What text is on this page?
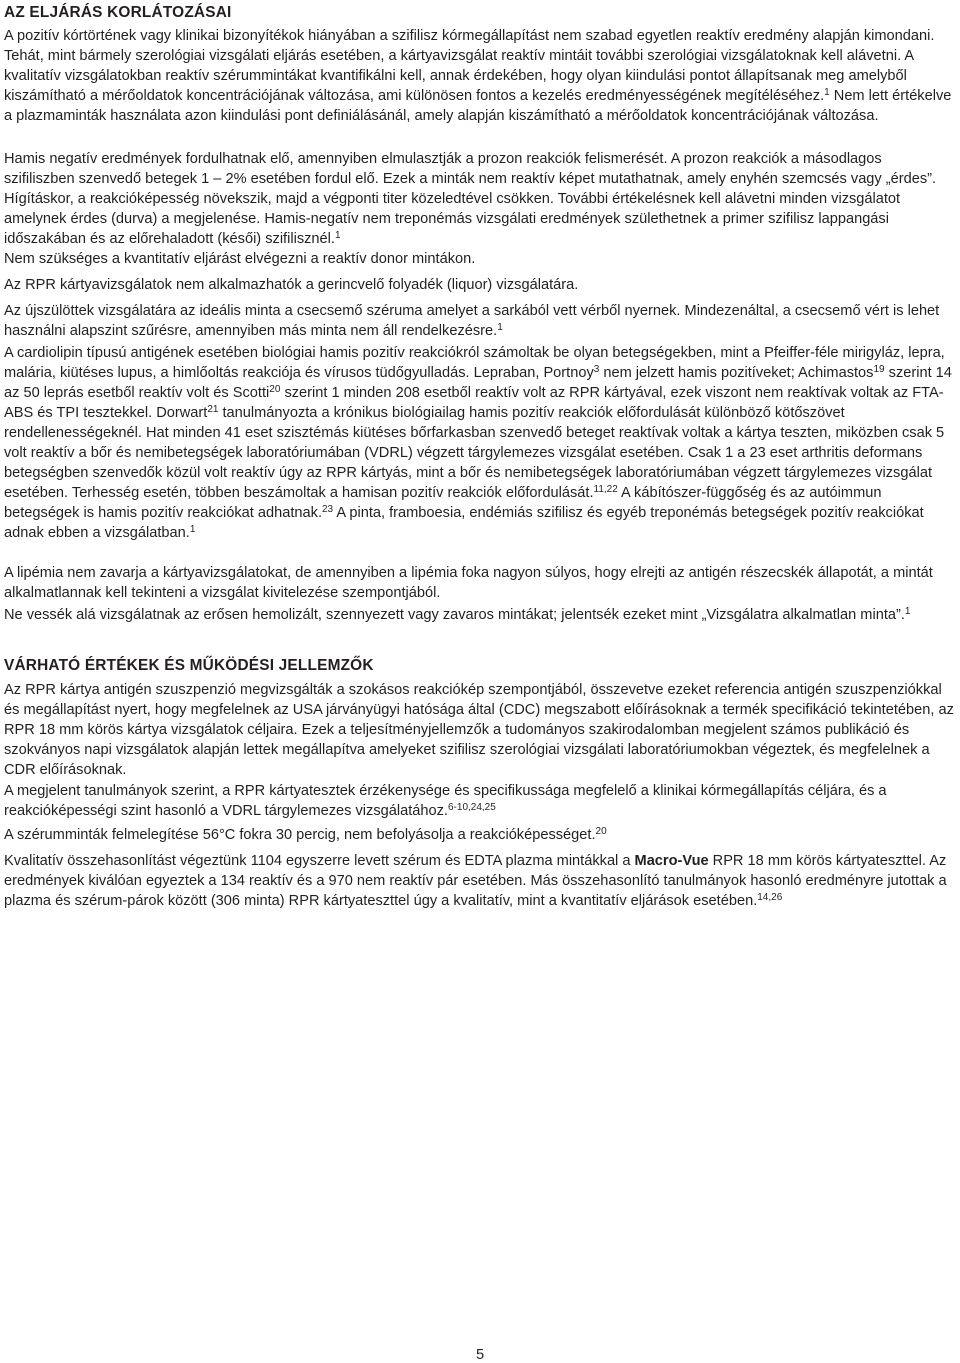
AZ ELJÁRÁS KORLÁTOZÁSAI

A pozitív kórtörtének vagy klinikai bizonyítékok hiányában a szifilisz kórmegállapítást nem szabad egyetlen reaktív eredmény alapján kimondani. Tehát, mint bármely szerológiai vizsgálati eljárás esetében, a kártyavizsgálat reaktív mintáit további szerológiai vizsgálatoknak kell alávetni. A kvalitatív vizsgálatokban reaktív szérummintákat kvantifikálni kell, annak érdekében, hogy olyan kiindulási pontot állapítsanak meg amelyből kiszámítható a mérőoldatok koncentrációjának változása, ami különösen fontos a kezelés eredményességének megítéléséhez.$^1$ Nem lett értékelve a plazmaminták használata azon kiindulási pont definiálásánál, amely alapján kiszámítható a mérőoldatok koncentrációjának változása.

Hamis negatív eredmények fordulhatnak elő, amennyiben elmulasztják a prozon reakciók felismerését. A prozon reakciók a másodlagos szifiliszben szenvedő betegek 1 – 2% esetében fordul elő. Ezek a minták nem reaktív képet mutathatnak, amely enyhén szemcsés vagy „érdes”. Hígításkor, a reakcióképesség növekszik, majd a végponti titer közeledtével csökken. További értékelésnek kell alávetni minden vizsgálatot amelynek érdes (durva) a megjelenése. Hamis-negatív nem treponémás vizsgálati eredmények születhetnek a primer szifilisz lappangási időszakában és az előrehaladott (késői) szifilisznél.$^1$

Nem szükséges a kvantitatív eljárást elvégezni a reaktív donor mintákon.

Az RPR kártyavizsgálatok nem alkalmazhatók a gerincvelő folyadék (liquor) vizsgálatára.

Az újszülöttek vizsgálatára az ideális minta a csecsemő széruma amelyet a sarkából vett vérből nyernek. Mindezenáltal, a csecsemő vért is lehet használni alapszint szűrésre, amennyiben más minta nem áll rendelkezésre.$^1$

A cardiolipin típusú antigének esetében biológiai hamis pozitív reakciókról számoltak be olyan betegségekben, mint a Pfeiffer-féle mirigyláz, lepra, malária, kiütéses lupus, a himlőoltás reakciója és vírusos tüdőgyulladás. Lepraban, Portnoy$^3$ nem jelzett hamis pozitíveket; Achimastos$^{19}$ szerint 14 az 50 leprás esetből reaktív volt és Scotti$^{20}$ szerint 1 minden 208 esetből reaktív volt az RPR kártyával, ezek viszont nem reaktívak voltak az FTA-ABS és TPI tesztekkel. Dorwart$^{21}$ tanulmányozta a krónikus biológiailag hamis pozitív reakciók előfordulását különböző kötőszövet rendellenességeknél. Hat minden 41 eset szisztémás kiütéses bőrfarkasban szenvedő beteget reaktívak voltak a kártya teszten, miközben csak 5 volt reaktív a bőr és nemibetegségek laboratóriumában (VDRL) végzett tárgylemezes vizsgálat esetében. Csak 1 a 23 eset arthritis deformans betegségben szenvedők közül volt reaktív úgy az RPR kártyás, mint a bőr és nemibetegségek laboratóriumában végzett tárgylemezes vizsgálat esetében. Terhesség esetén, többen beszámoltak a hamisan pozitív reakciók előfordulását.$^{11,22}$ A kábítószer-függőség és az autóimmun betegségek is hamis pozitív reakciókat adhatnak.$^{23}$ A pinta, framboesia, endémiás szifilisz és egyéb treponémás betegségek pozitív reakciókat adnak ebben a vizsgálatban.$^1$

A lipémia nem zavarja a kártyavizsgálatokat, de amennyiben a lipémia foka nagyon súlyos, hogy elrejti az antigén részecskék állapotát, a mintát alkalmatlannak kell tekinteni a vizsgálat kivitelezése szempontjából.

Ne vessék alá vizsgálatnak az erősen hemolizált, szennyezett vagy zavaros mintákat; jelentsék ezeket mint „Vizsgálatra alkalmatlan minta”.$^1$

VÁRHATÓ ÉRTÉKEK ÉS MŰKÖDÉSI JELLEMZŐK

Az RPR kártya antigén szuszpenzió megvizsgálták a szokásos reakciókép szempontjából, összevetve ezeket referencia antigén szuszpenziókkal és megállapítást nyert, hogy megfelelnek az USA járványügyi hatósága által (CDC) megszabott előírásoknak a termék specifikáció tekintetében, az RPR 18 mm körös kártya vizsgálatok céljaira. Ezek a teljesítményjellemzők a tudományos szakirodalomban megjelent számos publikáció és szokványos napi vizsgálatok alapján lettek megállapítva amelyeket szifilisz szerológiai vizsgálati laboratóriumokban végeztek, és megfelelnek a CDR előírásoknak.

A megjelent tanulmányok szerint, a RPR kártyatesztek érzékenysége és specifikussága megfelelő a klinikai kórmegállapítás céljára, és a reakcióképességi szint hasonló a VDRL tárgylemezes vizsgálatához.$^{6-10,24,25}$

A szérumminták felmelegítése 56°C fokra 30 percig, nem befolyásolja a reakcióképességet.$^{20}$

Kvalitatív összehasonlítást végeztünk 1104 egyszerre levett szérum és EDTA plazma mintákkal a Macro-Vue RPR 18 mm körös kártyateszttel. Az eredmények kiválóan egyeztek a 134 reaktív és a 970 nem reaktív pár esetében. Más összehasonlító tanulmányok hasonló eredményre jutottak a plazma és szérum-párok között (306 minta) RPR kártyateszttel úgy a kvalitatív, mint a kvantitatív eljárások esetében.$^{14,26}$

5
